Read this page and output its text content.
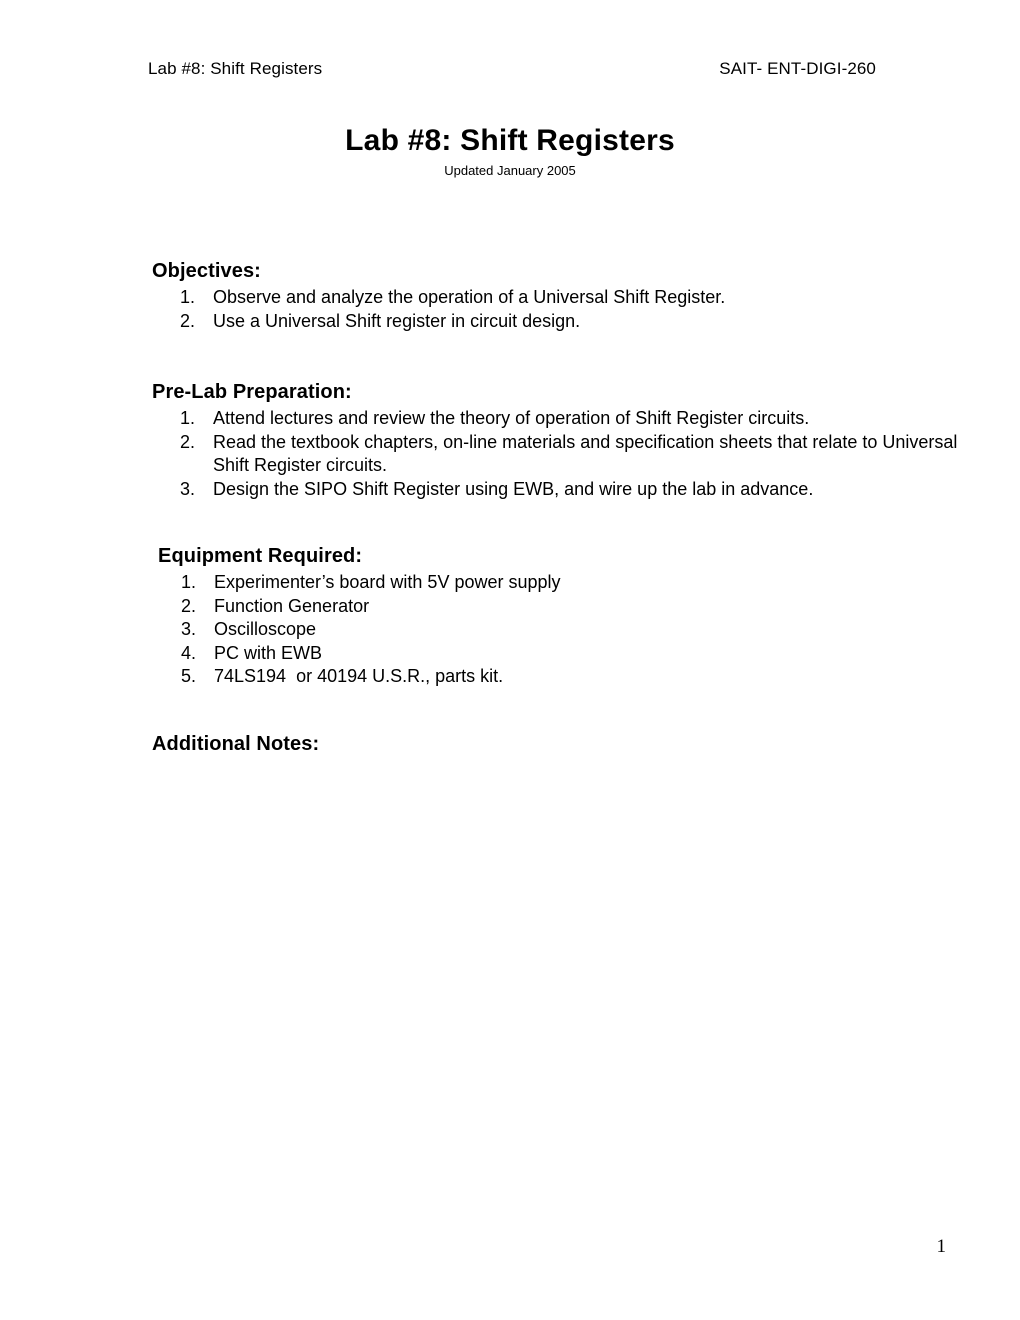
Lab #8: Shift Registers	SAIT- ENT-DIGI-260
Lab #8: Shift Registers

Updated January 2005

Objectives:
1. Observe and analyze the operation of a Universal Shift Register.
2. Use a Universal Shift register in circuit design.
Pre-Lab Preparation:
1. Attend lectures and review the theory of operation of Shift Register circuits.
2. Read the textbook chapters, on-line materials and specification sheets that relate to Universal Shift Register circuits.
3. Design the SIPO Shift Register using EWB, and wire up the lab in advance.
Equipment Required:
1. Experimenter’s board with 5V power supply
2. Function Generator
3. Oscilloscope
4. PC with EWB
5. 74LS194  or 40194 U.S.R., parts kit.
Additional Notes:
1
